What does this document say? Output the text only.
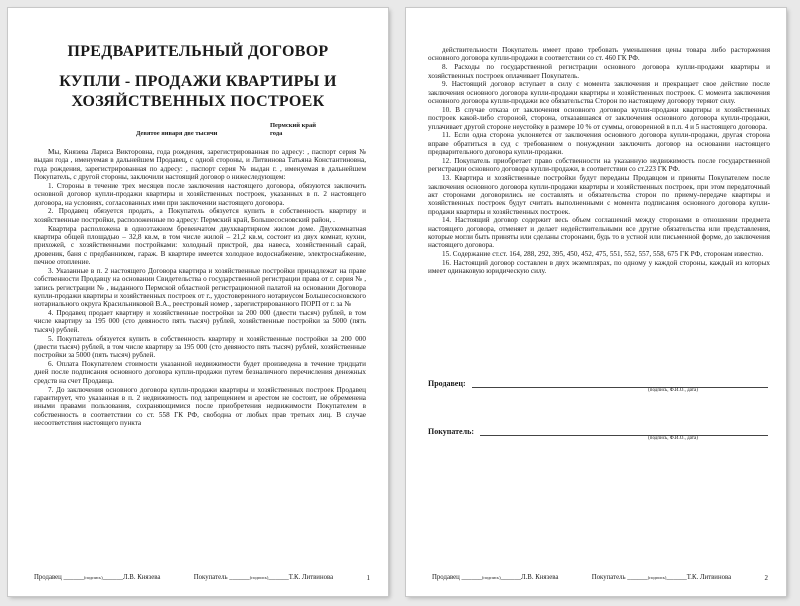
ПРЕДВАРИТЕЛЬНЫЙ ДОГОВОР
КУПЛИ - ПРОДАЖИ КВАРТИРЫ И
ХОЗЯЙСТВЕННЫХ ПОСТРОЕК
Пермский край
года
Девятое января две тысячи

Мы, Князева Лариса Викторовна, года рождения, зарегистрированная по адресу: , паспорт серия № выдан года , именуемая в дальнейшем Продавец, с одной стороны, и Литвинова Татьяна Константиновна, года рождения, зарегистрированная по адресу: , паспорт серия № выдан г. , именуемая в дальнейшем Покупатель, с другой стороны, заключили настоящий договор о нижеследующем:

1. Стороны в течение трех месяцев после заключения настоящего договора, обязуются заключить основной договор купли-продажи квартиры и хозяйственных построек, указанных в п. 2 настоящего договора, на условиях, согласованных ими при заключении настоящего договора.

2. Продавец обязуется продать, а Покупатель обязуется купить в собственность квартиру и хозяйственные постройки, расположенные по адресу: Пермский край, Большесосновский район, .

Квартира расположена в одноэтажном бревенчатом двухквартирном жилом доме. Двухкомнатная квартира общей площадью – 32,8 кв.м, в том числе жилой – 21,2 кв.м, состоит из двух комнат, кухни, прихожей, с хозяйственными постройками: холодный пристрой, два навеса, хозяйственный сарай, дровеник, баня с предбанником, гараж. В квартире имеется холодное водоснабжение, электроснабжение, печное отопление.

3. Указанные в п. 2 настоящего Договора квартира и хозяйственные постройки принадлежат на праве собственности Продавцу на основании Свидетельства о государственной регистрации права от г. серия № , запись регистрации № , выданного Пермской областной регистрационной палатой на основании Договора купли-продажи квартиры и хозяйственных построек от г., удостоверенного нотариусом Большесосновского нотариального округа Красильниковой В.А., реестровый номер , зарегистрированного ПОРП от г. за №

4. Продавец продает квартиру и хозяйственные постройки за 200 000 (двести тысяч) рублей, в том числе квартиру за 195 000 (сто девяносто пять тысяч) рублей, хозяйственные постройки за 5000 (пять тысяч) рублей.

5. Покупатель обязуется купить в собственность квартиру и хозяйственные постройки за 200 000 (двести тысяч) рублей, в том числе квартиру за 195 000 (сто девяносто пять тысяч) рублей, хозяйственные постройки за 5000 (пять тысяч) рублей.

6. Оплата Покупателем стоимости указанной недвижимости будет произведена в течение тридцати дней после подписания основного договора купли-продажи путем безналичного перечисления денежных средств на счет Продавца.

7. До заключения основного договора купли-продажи квартиры и хозяйственных построек Продавец гарантирует, что указанная в п. 2 недвижимость под запрещением и арестом не состоит, не обременена иными правами пользования, сохраняющимися после приобретения недвижимости Покупателем в собственность в соответствии со ст. 558 ГК РФ, свободна от любых прав третьих лиц. В случае несоответствия настоящего пункта

Продавец ______(подпись)______Л.В. Князева	Покупатель ______(подпись)______Т.К. Литвинова	1

действительности Покупатель имеет право требовать уменьшения цены товара либо расторжения основного договора купли-продажи в соответствии со ст. 460 ГК РФ.

8. Расходы по государственной регистрации основного договора купли-продажи квартиры и хозяйственных построек оплачивает Покупатель.

9. Настоящий договор вступает в силу с момента заключения и прекращает свое действие после заключения основного договора купли-продажи квартиры и хозяйственных построек. С момента заключения основного договора купли-продажи все обязательства Сторон по настоящему договору теряют силу.

10. В случае отказа от заключения основного договора купли-продажи квартиры и хозяйственных построек какой-либо стороной, сторона, отказавшаяся от заключения основного договора купли-продажи, уплачивает другой стороне неустойку в размере 10 % от суммы, оговоренной в п.п. 4 и 5 настоящего договора.

11. Если одна сторона уклоняется от заключения основного договора купли-продажи, другая сторона вправе обратиться в суд с требованием о понуждении заключить договор на основании настоящего предварительного договора купли-продажи.

12. Покупатель приобретает право собственности на указанную недвижимость после государственной регистрации основного договора купли-продажи, в соответствии со ст.223 ГК РФ.

13. Квартира и хозяйственные постройки будут переданы Продавцом и приняты Покупателем после заключения основного договора купли-продажи квартиры и хозяйственных построек, при этом передаточный акт сторонами договорились не составлять и обязательства сторон по приему-передаче квартиры и хозяйственных построек будут считать выполненными с момента подписания основного договора купли-продажи квартиры и хозяйственных построек.

14. Настоящий договор содержит весь объем соглашений между сторонами в отношении предмета настоящего договора, отменяет и делает недействительными все другие обязательства или представления, которые могли быть приняты или сделаны сторонами, будь то в устной или письменной форме, до заключения настоящего договора.

15. Содержание ст.ст. 164, 288, 292, 395, 450, 452, 475, 551, 552, 557, 558, 675 ГК РФ, сторонам известно.

16. Настоящий договор составлен в двух экземплярах, по одному у каждой стороны, каждый из которых имеет одинаковую юридическую силу.

Продавец:
(подпись, Ф.И.О., дата)
Покупатель:
(подпись, Ф.И.О., дата)
Продавец ______(подпись)______Л.В. Князева	Покупатель ______(подпись)______Т.К. Литвинова	2
